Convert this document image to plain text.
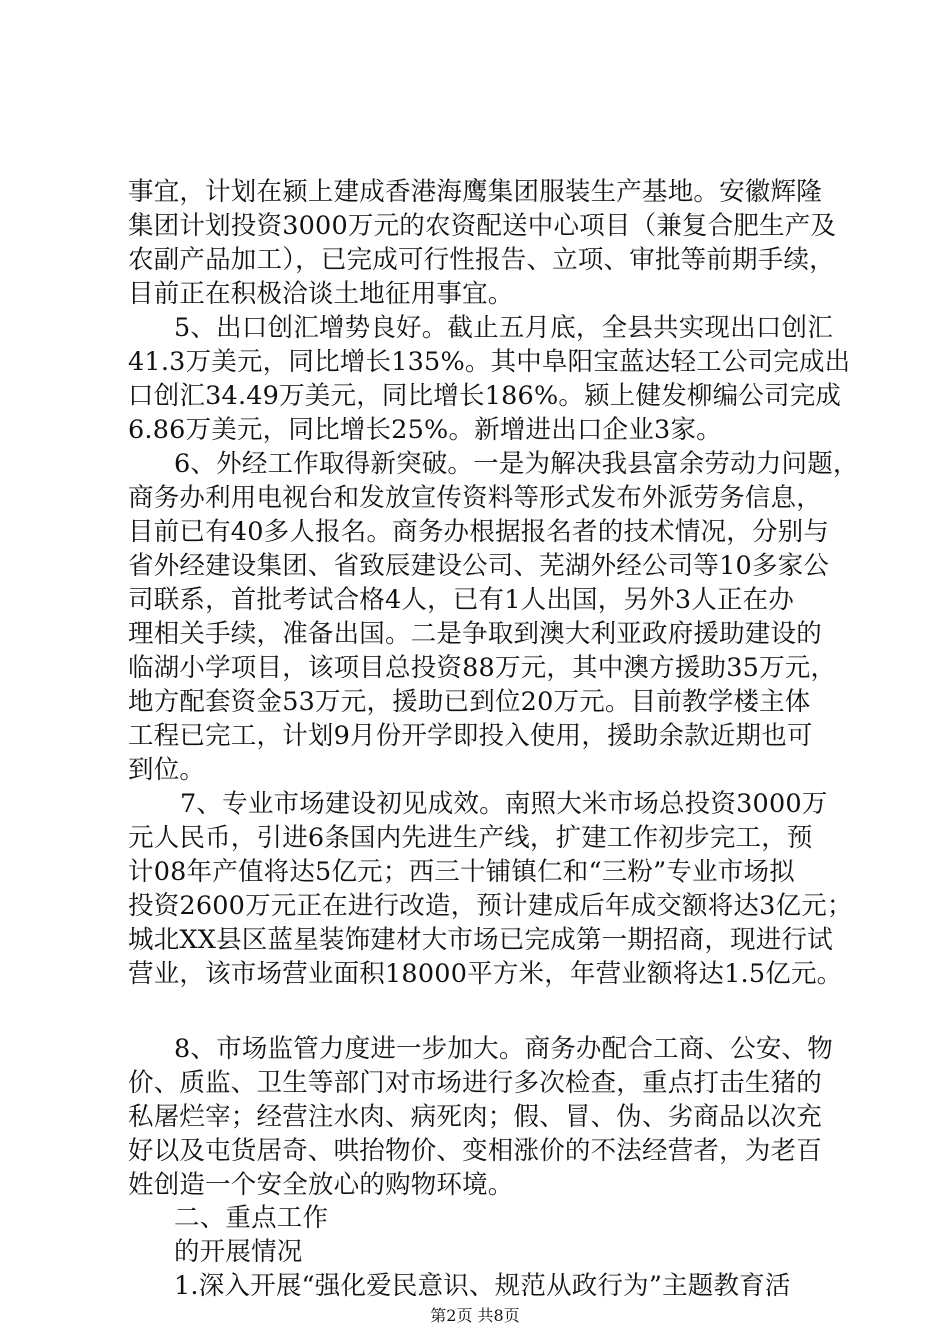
事宜，计划在颍上建成香港海鹰集团服装生产基地。安徽辉隆
集团计划投资3000万元的农资配送中心项目（兼复合肥生产及
农副产品加工），已完成可行性报告、立项、审批等前期手续，
目前正在积极洽谈土地征用事宜。
5、出口创汇增势良好。截止五月底，全县共实现出口创汇
41.3万美元，同比增长135%。其中阜阳宝蓝达轻工公司完成出
口创汇34.49万美元，同比增长186%。颍上健发柳编公司完成
6.86万美元，同比增长25%。新增进出口企业3家。
6、外经工作取得新突破。一是为解决我县富余劳动力问题，
商务办利用电视台和发放宣传资料等形式发布外派劳务信息，
目前已有40多人报名。商务办根据报名者的技术情况，分别与
省外经建设集团、省致辰建设公司、芜湖外经公司等10多家公
司联系，首批考试合格4人，已有1人出国，另外3人正在办
理相关手续，准备出国。二是争取到澳大利亚政府援助建设的
临湖小学项目，该项目总投资88万元，其中澳方援助35万元，
地方配套资金53万元，援助已到位20万元。目前教学楼主体
工程已完工，计划9月份开学即投入使用，援助余款近期也可
到位。
7、专业市场建设初见成效。南照大米市场总投资3000万
元人民币，引进6条国内先进生产线，扩建工作初步完工，预
计08年产值将达5亿元；西三十铺镇仁和“三粉”专业市场拟
投资2600万元正在进行改造，预计建成后年成交额将达3亿元；
城北XX县区蓝星装饰建材大市场已完成第一期招商，现进行试
营业，该市场营业面积18000平方米，年营业额将达1.5亿元。
8、市场监管力度进一步加大。商务办配合工商、公安、物
价、质监、卫生等部门对市场进行多次检查，重点打击生猪的
私屠烂宰；经营注水肉、病死肉；假、冒、伪、劣商品以次充
好以及屯货居奇、哄抬物价、变相涨价的不法经营者，为老百
姓创造一个安全放心的购物环境。
二、重点工作
的开展情况
1.深入开展“强化爱民意识、规范从政行为”主题教育活
第2页 共8页
